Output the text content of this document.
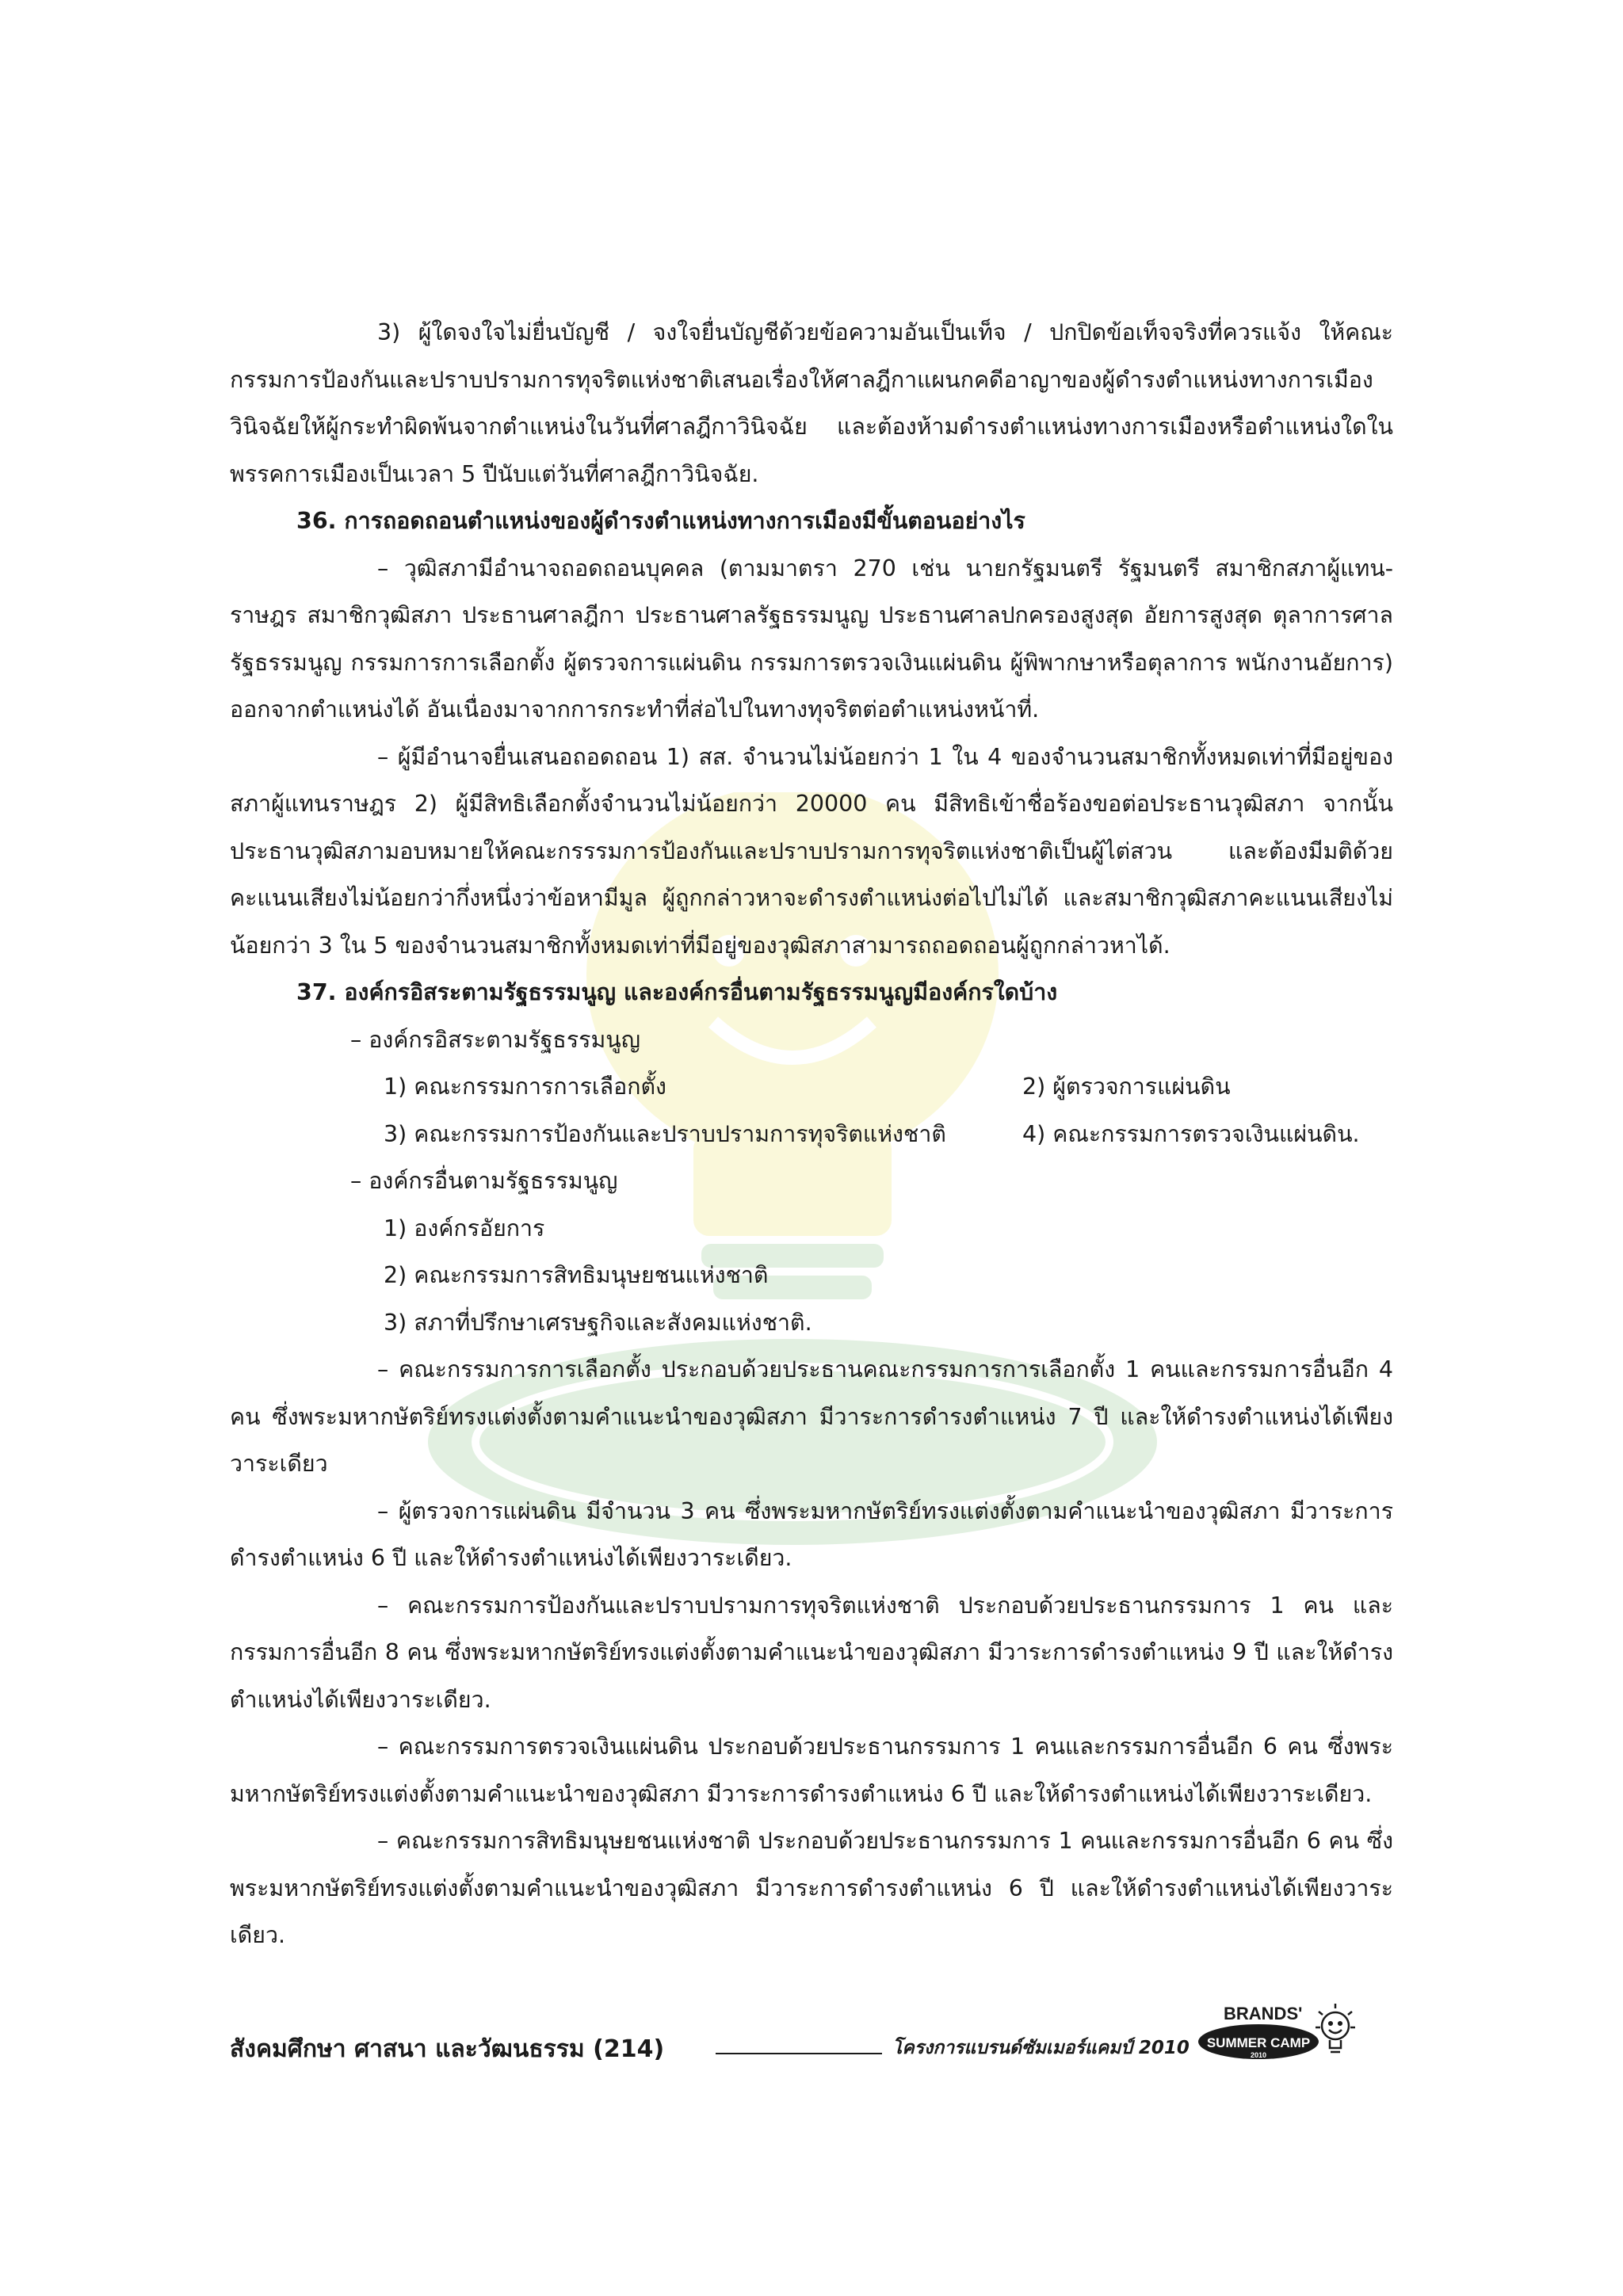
3) ผู้ใดจงใจไม่ยื่นบัญชี / จงใจยื่นบัญชีด้วยข้อความอันเป็นเท็จ / ปกปิดข้อเท็จจริงที่ควรแจ้ง ให้คณะกรรมการป้องกันและปราบปรามการทุจริตแห่งชาติเสนอเรื่องให้ศาลฎีกาแผนกคดีอาญาของผู้ดำรงตำแหน่งทางการเมืองวินิจฉัยให้ผู้กระทำผิดพ้นจากตำแหน่งในวันที่ศาลฎีกาวินิจฉัย และต้องห้ามดำรงตำแหน่งทางการเมืองหรือตำแหน่งใดในพรรคการเมืองเป็นเวลา 5 ปีนับแต่วันที่ศาลฎีกาวินิจฉัย.

36. การถอดถอนตำแหน่งของผู้ดำรงตำแหน่งทางการเมืองมีขั้นตอนอย่างไร

– วุฒิสภามีอำนาจถอดถอนบุคคล (ตามมาตรา 270 เช่น นายกรัฐมนตรี รัฐมนตรี สมาชิกสภาผู้แทน-ราษฎร สมาชิกวุฒิสภา ประธานศาลฎีกา ประธานศาลรัฐธรรมนูญ ประธานศาลปกครองสูงสุด อัยการสูงสุด ตุลาการศาลรัฐธรรมนูญ กรรมการการเลือกตั้ง ผู้ตรวจการแผ่นดิน กรรมการตรวจเงินแผ่นดิน ผู้พิพากษาหรือตุลาการ พนักงานอัยการ) ออกจากตำแหน่งได้ อันเนื่องมาจากการกระทำที่ส่อไปในทางทุจริตต่อตำแหน่งหน้าที่.

– ผู้มีอำนาจยื่นเสนอถอดถอน 1) สส. จำนวนไม่น้อยกว่า 1 ใน 4 ของจำนวนสมาชิกทั้งหมดเท่าที่มีอยู่ของสภาผู้แทนราษฎร 2) ผู้มีสิทธิเลือกตั้งจำนวนไม่น้อยกว่า 20000 คน มีสิทธิเข้าชื่อร้องขอต่อประธานวุฒิสภา จากนั้นประธานวุฒิสภามอบหมายให้คณะกรรรมการป้องกันและปราบปรามการทุจริตแห่งชาติเป็นผู้ไต่สวน และต้องมีมติด้วยคะแนนเสียงไม่น้อยกว่ากึ่งหนึ่งว่าข้อหามีมูล ผู้ถูกกล่าวหาจะดำรงตำแหน่งต่อไปไม่ได้ และสมาชิกวุฒิสภาคะแนนเสียงไม่น้อยกว่า 3 ใน 5 ของจำนวนสมาชิกทั้งหมดเท่าที่มีอยู่ของวุฒิสภาสามารถถอดถอนผู้ถูกกล่าวหาได้.

37. องค์กรอิสระตามรัฐธรรมนูญ และองค์กรอื่นตามรัฐธรรมนูญมีองค์กรใดบ้าง

– องค์กรอิสระตามรัฐธรรมนูญ

1) คณะกรรมการการเลือกตั้ง	2) ผู้ตรวจการแผ่นดิน
3) คณะกรรมการป้องกันและปราบปรามการทุจริตแห่งชาติ	4) คณะกรรมการตรวจเงินแผ่นดิน.

– องค์กรอื่นตามรัฐธรรมนูญ

1) องค์กรอัยการ

2) คณะกรรมการสิทธิมนุษยชนแห่งชาติ

3) สภาที่ปรึกษาเศรษฐกิจและสังคมแห่งชาติ.

– คณะกรรมการการเลือกตั้ง ประกอบด้วยประธานคณะกรรมการการเลือกตั้ง 1 คนและกรรมการอื่นอีก 4 คน ซึ่งพระมหากษัตริย์ทรงแต่งตั้งตามคำแนะนำของวุฒิสภา มีวาระการดำรงตำแหน่ง 7 ปี และให้ดำรงตำแหน่งได้เพียงวาระเดียว

– ผู้ตรวจการแผ่นดิน มีจำนวน 3 คน ซึ่งพระมหากษัตริย์ทรงแต่งตั้งตามคำแนะนำของวุฒิสภา มีวาระการดำรงตำแหน่ง 6 ปี และให้ดำรงตำแหน่งได้เพียงวาระเดียว.

– คณะกรรมการป้องกันและปราบปรามการทุจริตแห่งชาติ ประกอบด้วยประธานกรรมการ 1 คน และกรรมการอื่นอีก 8 คน ซึ่งพระมหากษัตริย์ทรงแต่งตั้งตามคำแนะนำของวุฒิสภา มีวาระการดำรงตำแหน่ง 9 ปี และให้ดำรงตำแหน่งได้เพียงวาระเดียว.

– คณะกรรมการตรวจเงินแผ่นดิน ประกอบด้วยประธานกรรมการ 1 คนและกรรมการอื่นอีก 6 คน ซึ่งพระมหากษัตริย์ทรงแต่งตั้งตามคำแนะนำของวุฒิสภา มีวาระการดำรงตำแหน่ง 6 ปี และให้ดำรงตำแหน่งได้เพียงวาระเดียว.

– คณะกรรมการสิทธิมนุษยชนแห่งชาติ ประกอบด้วยประธานกรรมการ 1 คนและกรรมการอื่นอีก 6 คน ซึ่งพระมหากษัตริย์ทรงแต่งตั้งตามคำแนะนำของวุฒิสภา มีวาระการดำรงตำแหน่ง 6 ปี และให้ดำรงตำแหน่งได้เพียงวาระเดียว.

สังคมศึกษา ศาสนา และวัฒนธรรม (214)	โครงการแบรนด์ซัมเมอร์แคมป์ 2010
BRANDS'
SUMMER CAMP
2010
